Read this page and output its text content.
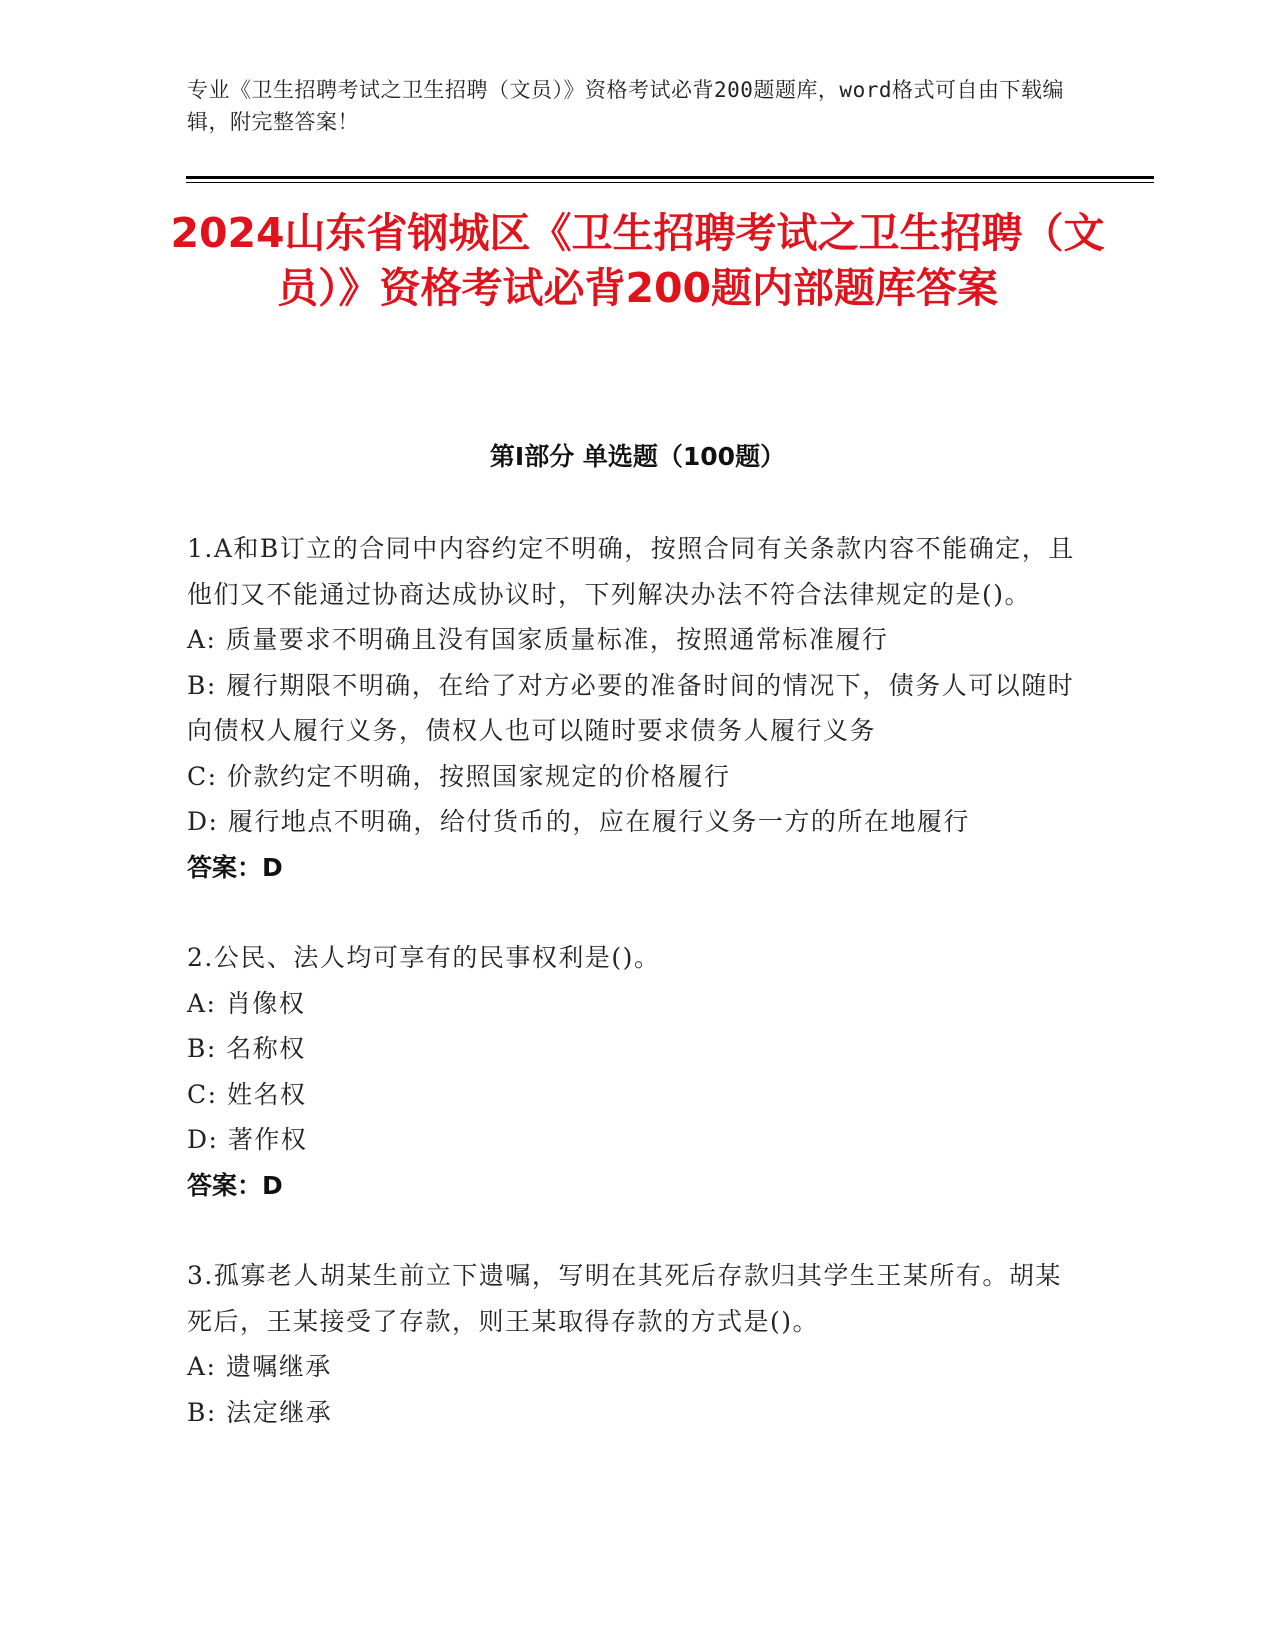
专业《卫生招聘考试之卫生招聘（文员）》资格考试必背200题题库，word格式可自由下载编辑，附完整答案！
2024山东省钢城区《卫生招聘考试之卫生招聘（文员）》资格考试必背200题内部题库答案
第I部分 单选题（100题）

1.A和B订立的合同中内容约定不明确，按照合同有关条款内容不能确定，且他们又不能通过协商达成协议时，下列解决办法不符合法律规定的是()。

A: 质量要求不明确且没有国家质量标准，按照通常标准履行

B: 履行期限不明确，在给了对方必要的准备时间的情况下，债务人可以随时向债权人履行义务，债权人也可以随时要求债务人履行义务

C: 价款约定不明确，按照国家规定的价格履行

D: 履行地点不明确，给付货币的，应在履行义务一方的所在地履行

答案：D

2.公民、法人均可享有的民事权利是()。

A: 肖像权

B: 名称权

C: 姓名权

D: 著作权

答案：D

3.孤寡老人胡某生前立下遗嘱，写明在其死后存款归其学生王某所有。胡某死后，王某接受了存款，则王某取得存款的方式是()。

A: 遗嘱继承

B: 法定继承
